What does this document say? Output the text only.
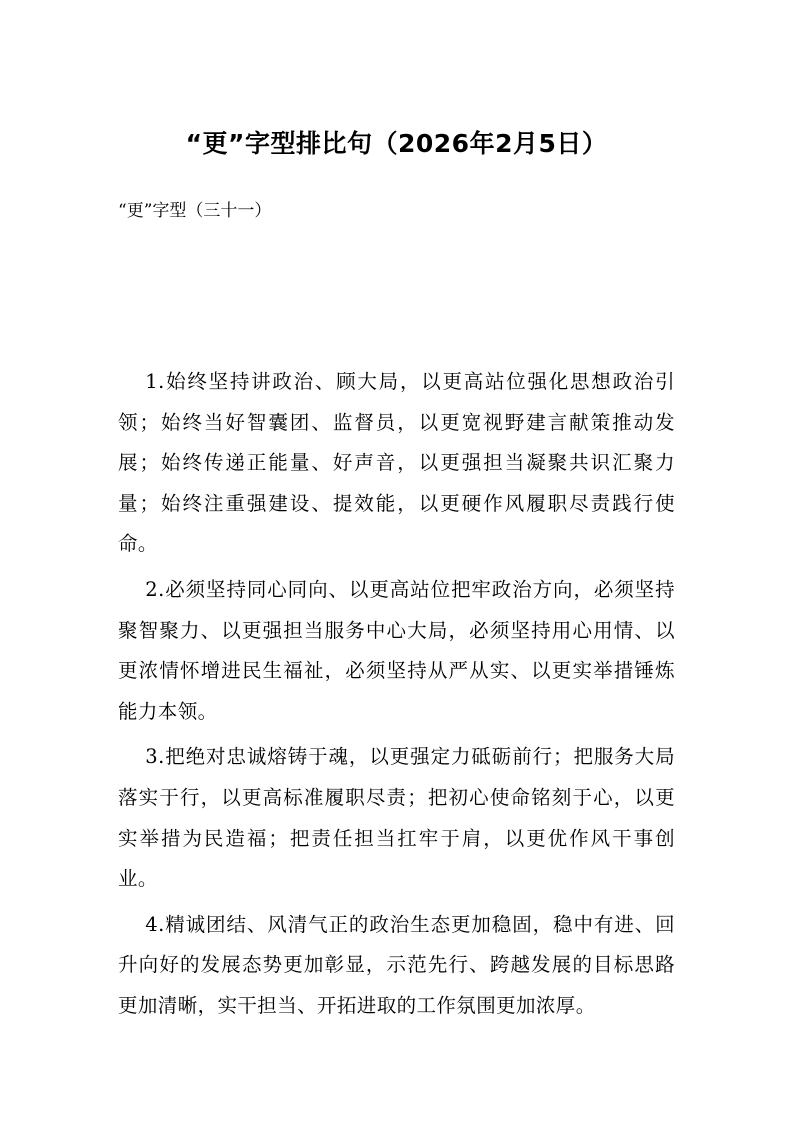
“更”字型排比句（2026年2月5日）

“更”字型（三十一）

1.始终坚持讲政治、顾大局，以更高站位强化思想政治引领；始终当好智囊团、监督员，以更宽视野建言献策推动发展；始终传递正能量、好声音，以更强担当凝聚共识汇聚力量；始终注重强建设、提效能，以更硬作风履职尽责践行使命。

2.必须坚持同心同向、以更高站位把牢政治方向，必须坚持聚智聚力、以更强担当服务中心大局，必须坚持用心用情、以更浓情怀增进民生福祉，必须坚持从严从实、以更实举措锤炼能力本领。

3.把绝对忠诚熔铸于魂，以更强定力砥砺前行；把服务大局落实于行，以更高标准履职尽责；把初心使命铭刻于心，以更实举措为民造福；把责任担当扛牢于肩，以更优作风干事创业。

4.精诚团结、风清气正的政治生态更加稳固，稳中有进、回升向好的发展态势更加彰显，示范先行、跨越发展的目标思路更加清晰，实干担当、开拓进取的工作氛围更加浓厚。
